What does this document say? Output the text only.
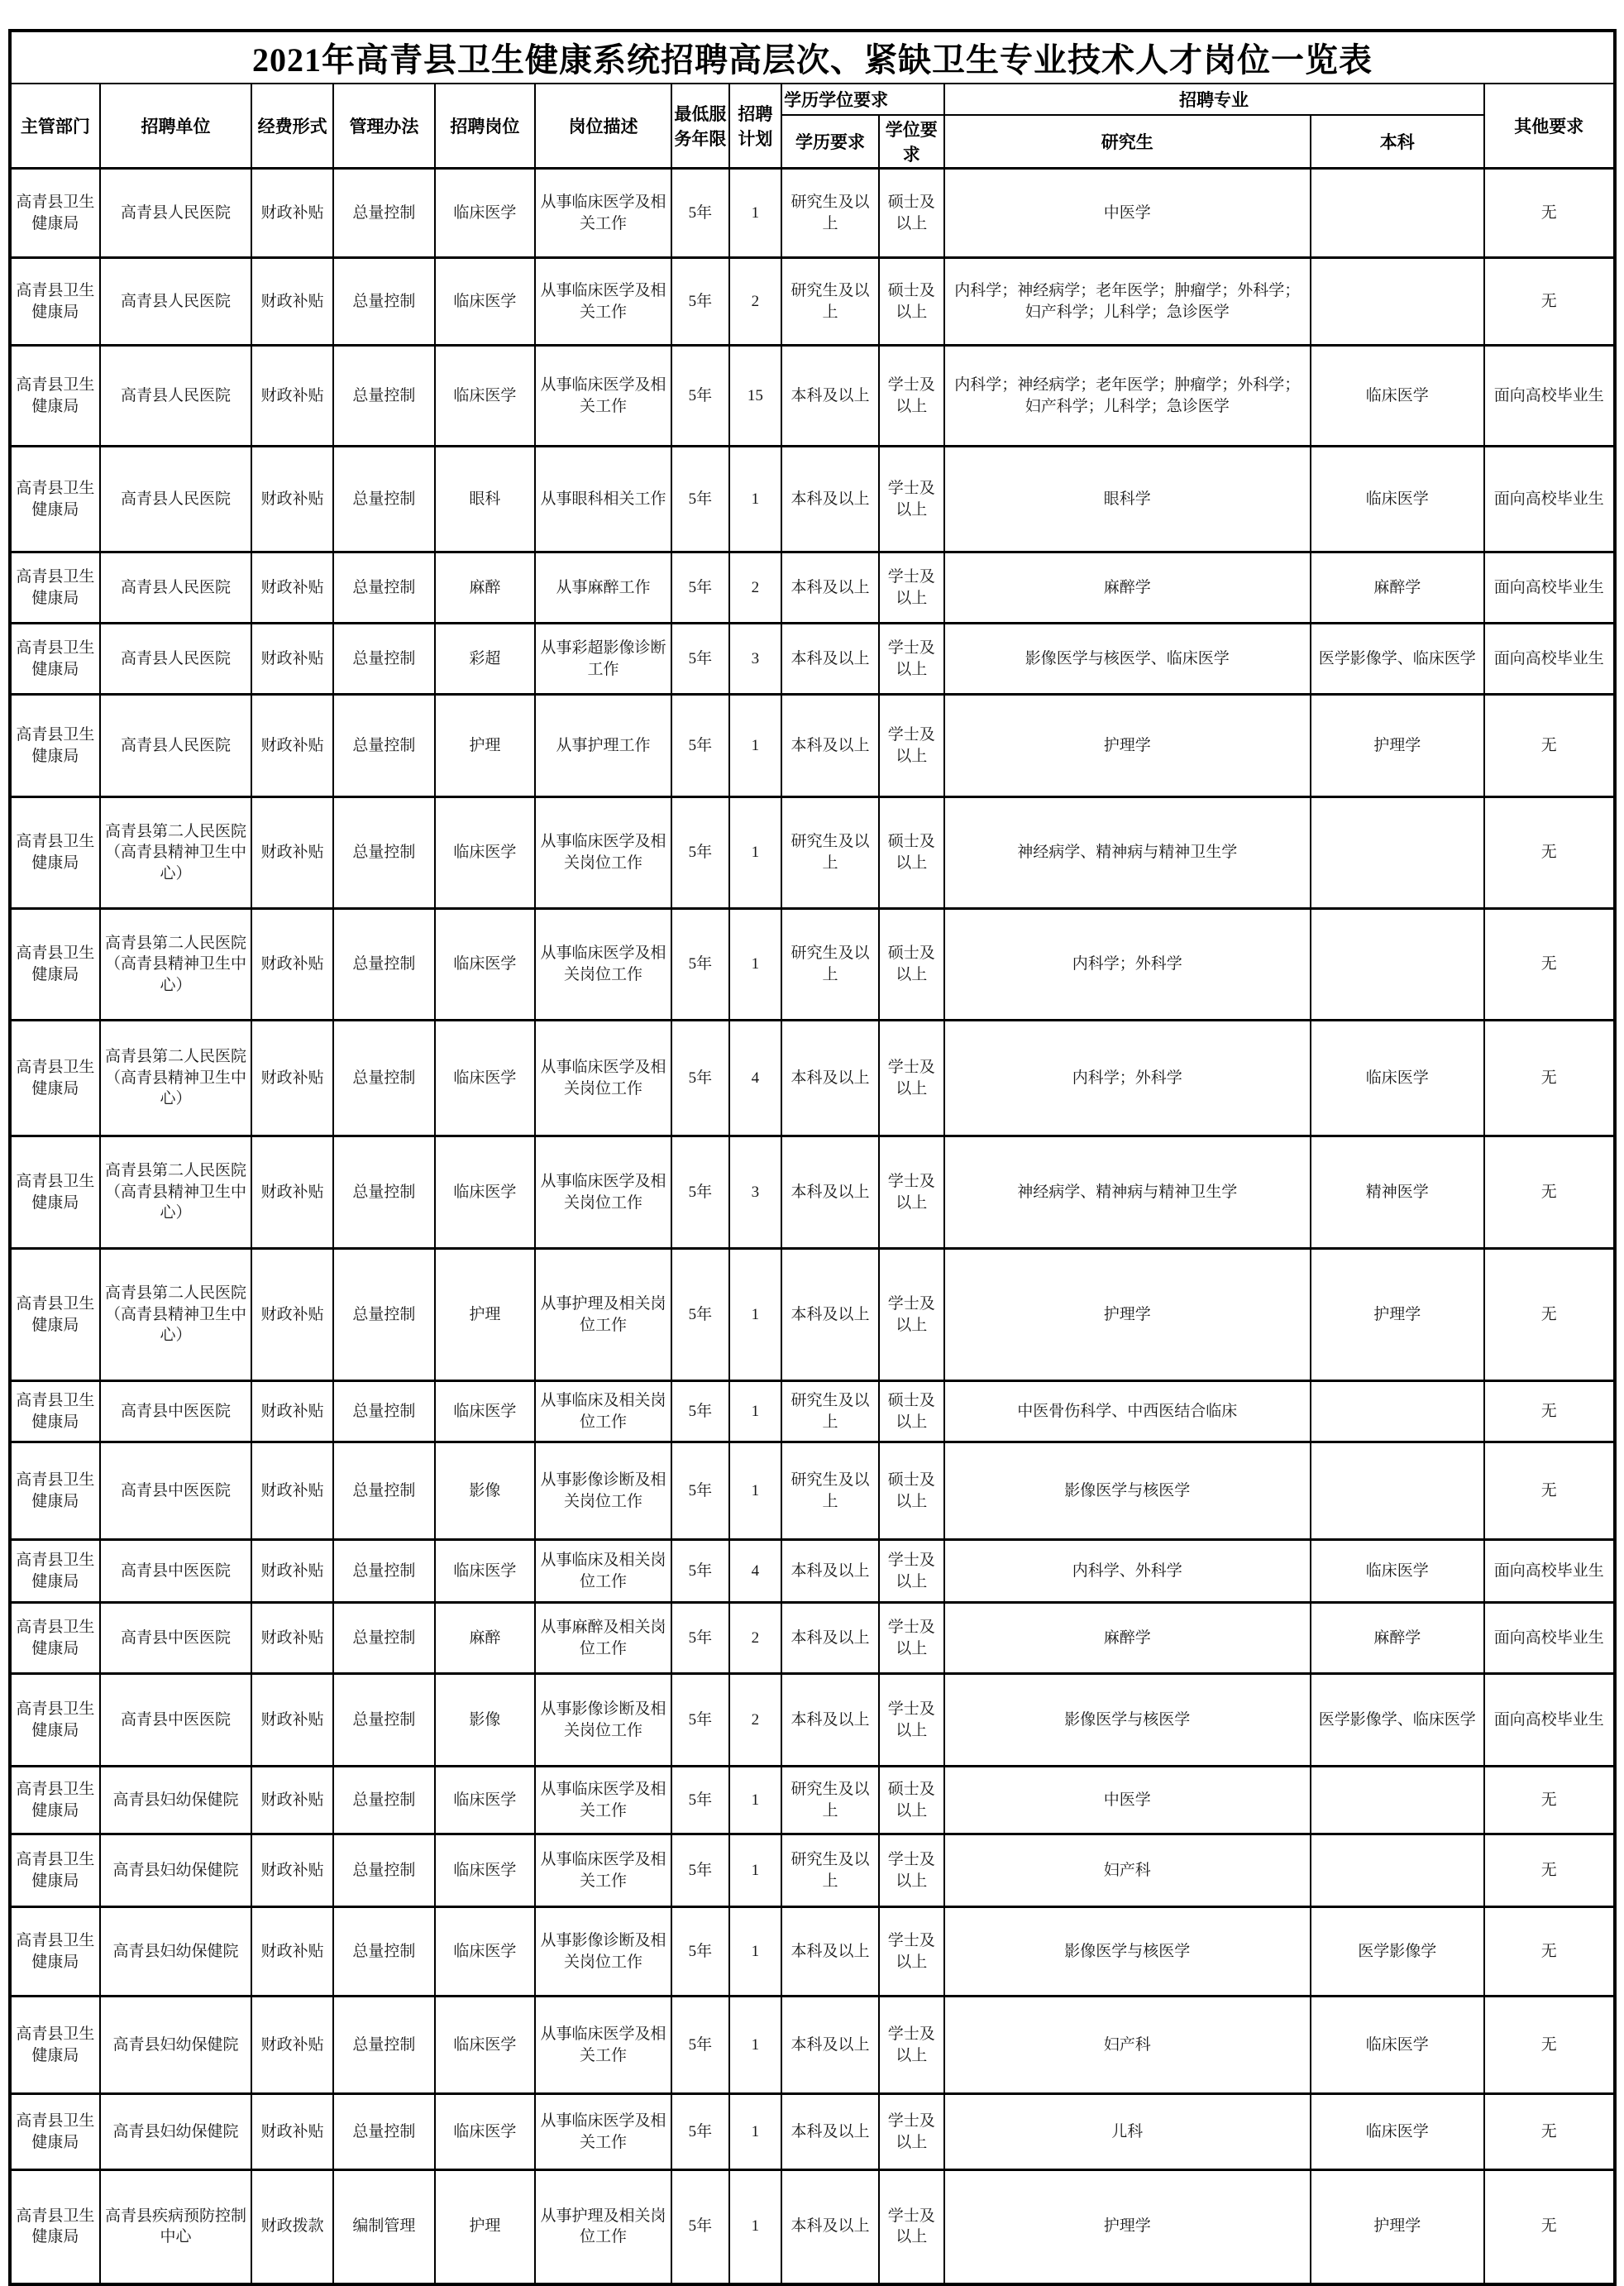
2021年高青县卫生健康系统招聘高层次、紧缺卫生专业技术人才岗位一览表												
主管部门	招聘单位	经费形式	管理办法	招聘岗位	岗位描述	最低服务年限	招聘计划	学历学位要求		招聘专业		其他要求
								学历要求	学位要求	研究生	本科	
高青县卫生健康局	高青县人民医院	财政补贴	总量控制	临床医学	从事临床医学及相关工作	5年	1	研究生及以上	硕士及以上	中医学		无
高青县卫生健康局	高青县人民医院	财政补贴	总量控制	临床医学	从事临床医学及相关工作	5年	2	研究生及以上	硕士及以上	内科学；神经病学；老年医学；肿瘤学；外科学；妇产科学；儿科学；急诊医学		无
高青县卫生健康局	高青县人民医院	财政补贴	总量控制	临床医学	从事临床医学及相关工作	5年	15	本科及以上	学士及以上	内科学；神经病学；老年医学；肿瘤学；外科学；妇产科学；儿科学；急诊医学	临床医学	面向高校毕业生
高青县卫生健康局	高青县人民医院	财政补贴	总量控制	眼科	从事眼科相关工作	5年	1	本科及以上	学士及以上	眼科学	临床医学	面向高校毕业生
高青县卫生健康局	高青县人民医院	财政补贴	总量控制	麻醉	从事麻醉工作	5年	2	本科及以上	学士及以上	麻醉学	麻醉学	面向高校毕业生
高青县卫生健康局	高青县人民医院	财政补贴	总量控制	彩超	从事彩超影像诊断工作	5年	3	本科及以上	学士及以上	影像医学与核医学、临床医学	医学影像学、临床医学	面向高校毕业生
高青县卫生健康局	高青县人民医院	财政补贴	总量控制	护理	从事护理工作	5年	1	本科及以上	学士及以上	护理学	护理学	无
高青县卫生健康局	高青县第二人民医院（高青县精神卫生中心）	财政补贴	总量控制	临床医学	从事临床医学及相关岗位工作	5年	1	研究生及以上	硕士及以上	神经病学、精神病与精神卫生学		无
高青县卫生健康局	高青县第二人民医院（高青县精神卫生中心）	财政补贴	总量控制	临床医学	从事临床医学及相关岗位工作	5年	1	研究生及以上	硕士及以上	内科学；外科学		无
高青县卫生健康局	高青县第二人民医院（高青县精神卫生中心）	财政补贴	总量控制	临床医学	从事临床医学及相关岗位工作	5年	4	本科及以上	学士及以上	内科学；外科学	临床医学	无
高青县卫生健康局	高青县第二人民医院（高青县精神卫生中心）	财政补贴	总量控制	临床医学	从事临床医学及相关岗位工作	5年	3	本科及以上	学士及以上	神经病学、精神病与精神卫生学	精神医学	无
高青县卫生健康局	高青县第二人民医院（高青县精神卫生中心）	财政补贴	总量控制	护理	从事护理及相关岗位工作	5年	1	本科及以上	学士及以上	护理学	护理学	无
高青县卫生健康局	高青县中医医院	财政补贴	总量控制	临床医学	从事临床及相关岗位工作	5年	1	研究生及以上	硕士及以上	中医骨伤科学、中西医结合临床		无
高青县卫生健康局	高青县中医医院	财政补贴	总量控制	影像	从事影像诊断及相关岗位工作	5年	1	研究生及以上	硕士及以上	影像医学与核医学		无
高青县卫生健康局	高青县中医医院	财政补贴	总量控制	临床医学	从事临床及相关岗位工作	5年	4	本科及以上	学士及以上	内科学、外科学	临床医学	面向高校毕业生
高青县卫生健康局	高青县中医医院	财政补贴	总量控制	麻醉	从事麻醉及相关岗位工作	5年	2	本科及以上	学士及以上	麻醉学	麻醉学	面向高校毕业生
高青县卫生健康局	高青县中医医院	财政补贴	总量控制	影像	从事影像诊断及相关岗位工作	5年	2	本科及以上	学士及以上	影像医学与核医学	医学影像学、临床医学	面向高校毕业生
高青县卫生健康局	高青县妇幼保健院	财政补贴	总量控制	临床医学	从事临床医学及相关工作	5年	1	研究生及以上	硕士及以上	中医学		无
高青县卫生健康局	高青县妇幼保健院	财政补贴	总量控制	临床医学	从事临床医学及相关工作	5年	1	研究生及以上	学士及以上	妇产科		无
高青县卫生健康局	高青县妇幼保健院	财政补贴	总量控制	临床医学	从事影像诊断及相关岗位工作	5年	1	本科及以上	学士及以上	影像医学与核医学	医学影像学	无
高青县卫生健康局	高青县妇幼保健院	财政补贴	总量控制	临床医学	从事临床医学及相关工作	5年	1	本科及以上	学士及以上	妇产科	临床医学	无
高青县卫生健康局	高青县妇幼保健院	财政补贴	总量控制	临床医学	从事临床医学及相关工作	5年	1	本科及以上	学士及以上	儿科	临床医学	无
高青县卫生健康局	高青县疾病预防控制中心	财政拨款	编制管理	护理	从事护理及相关岗位工作	5年	1	本科及以上	学士及以上	护理学	护理学	无
